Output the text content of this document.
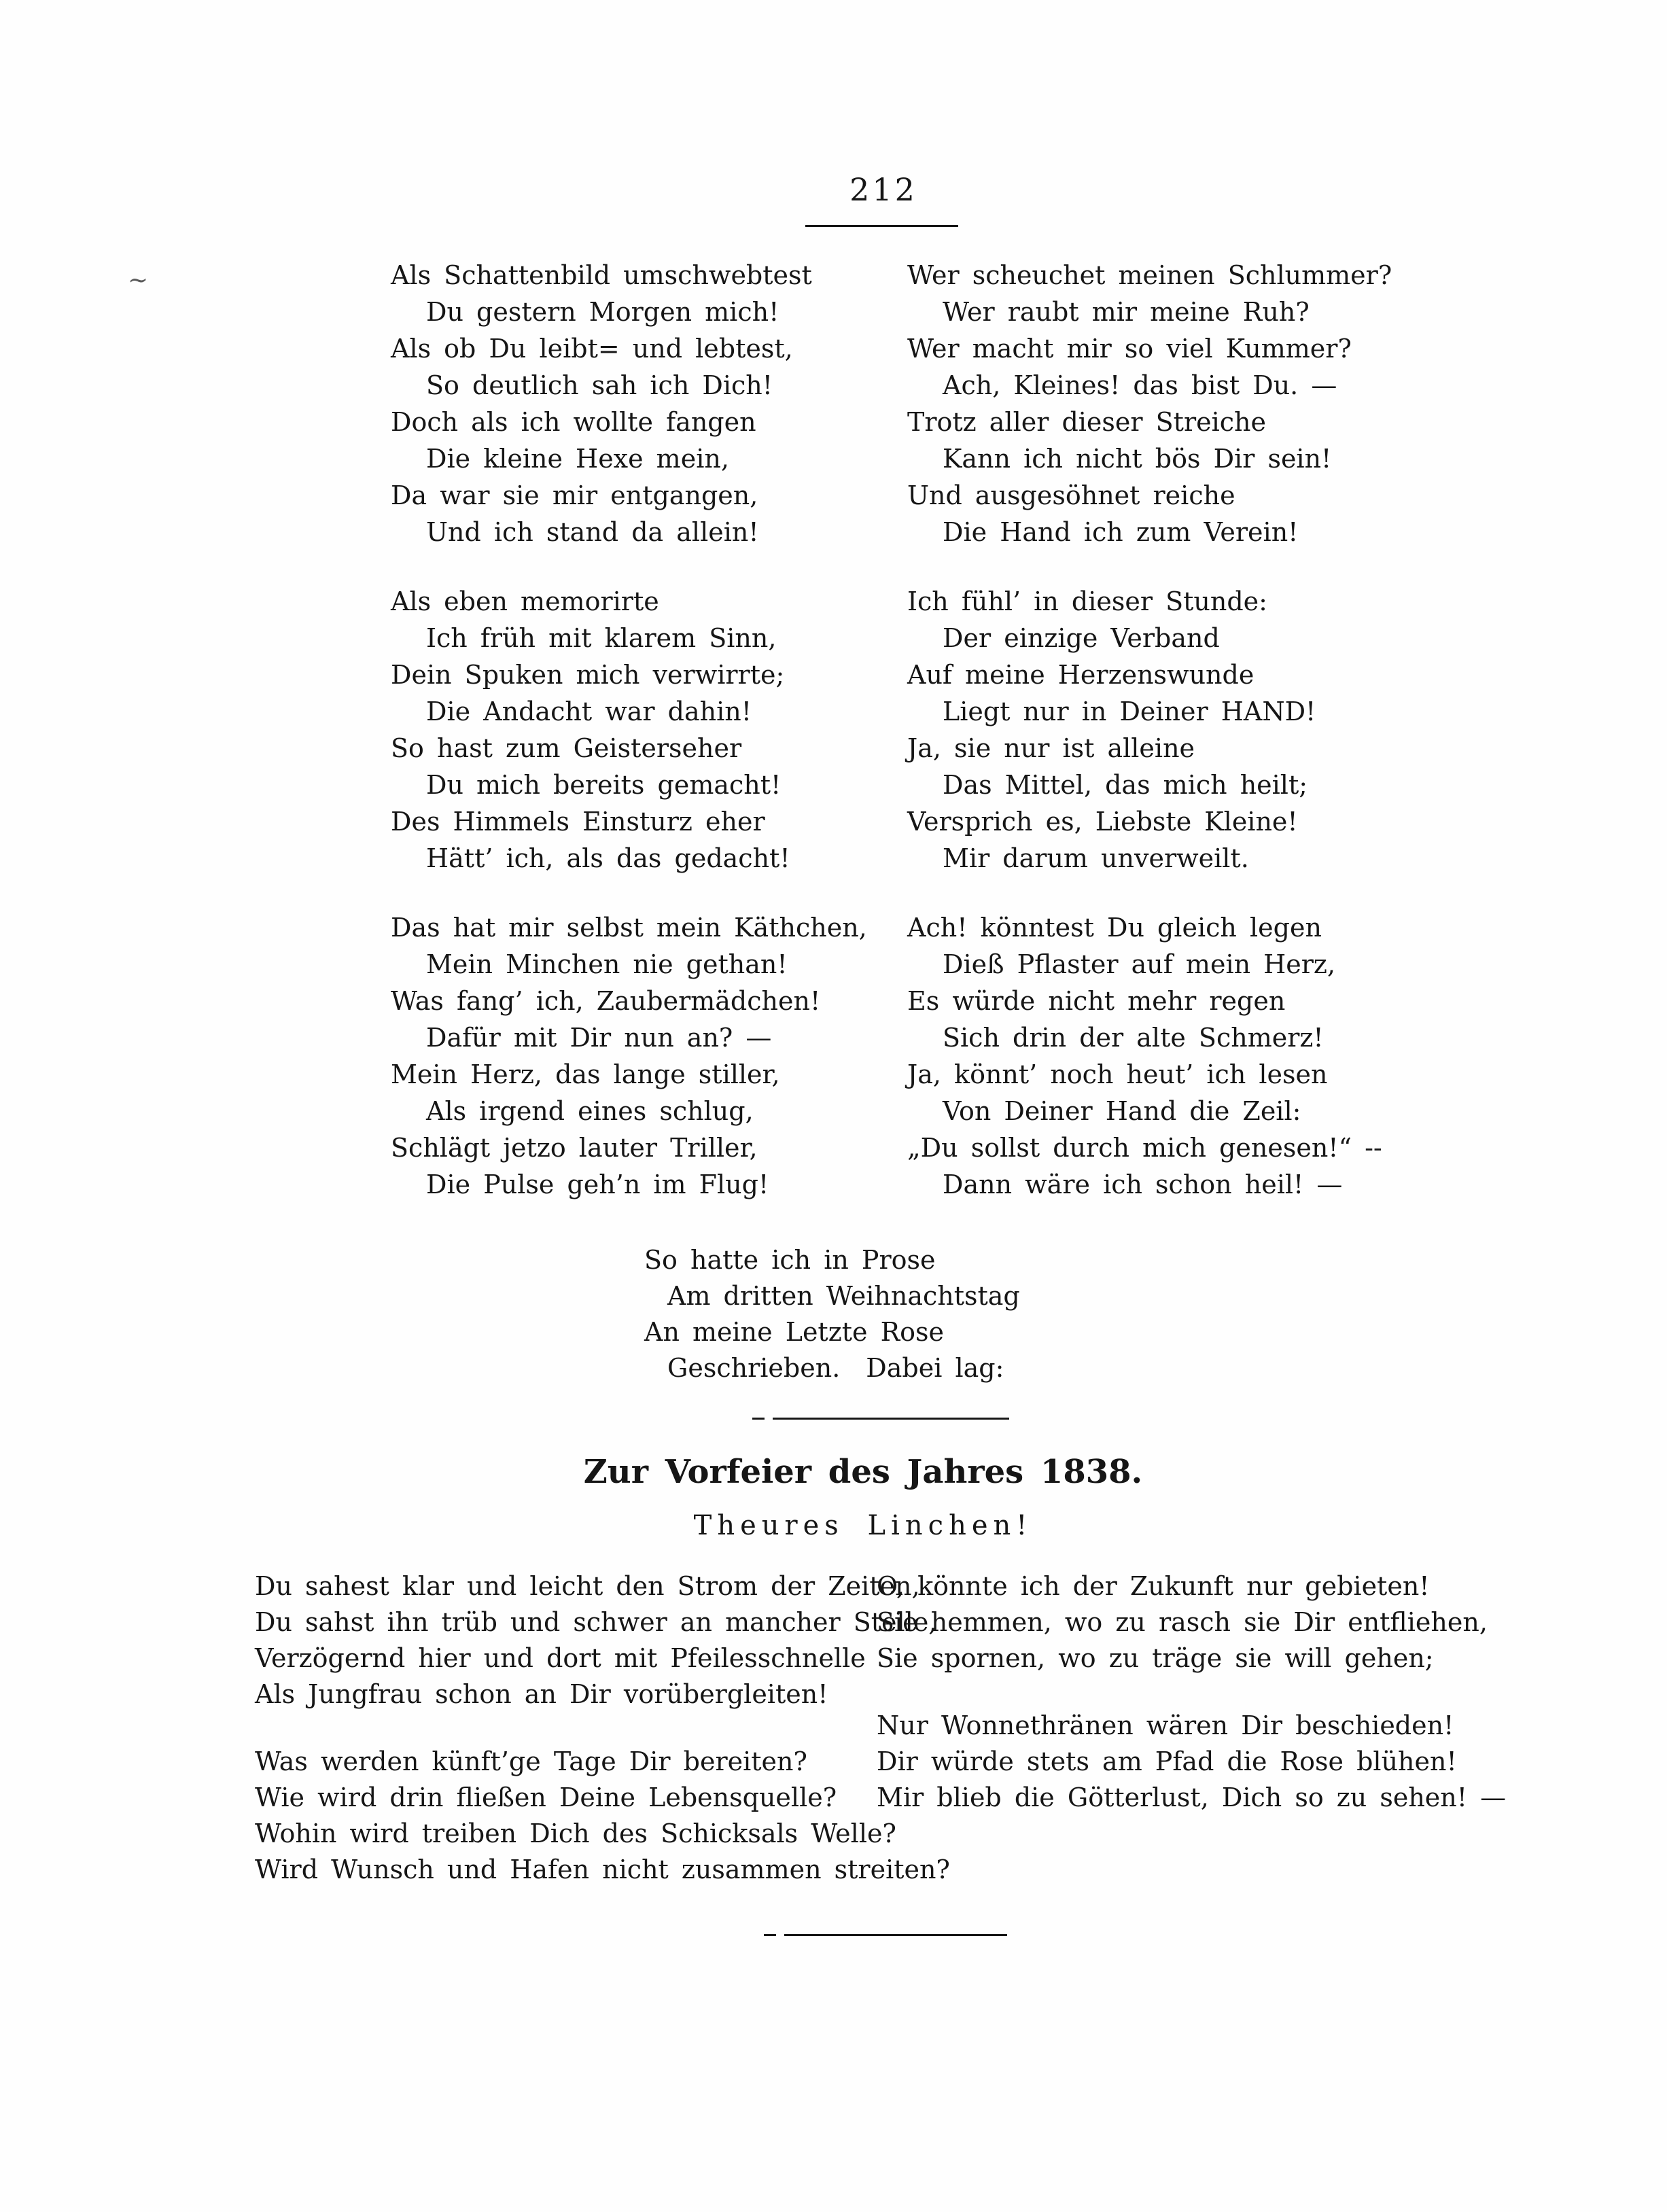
212
~	Als Schattenbild umschwebtest
Du gestern Morgen mich!
Als ob Du leibt= und lebtest,
So deutlich sah ich Dich!
Doch als ich wollte fangen
Die kleine Hexe mein,
Da war sie mir entgangen,
Und ich stand da allein!
Als eben memorirte
Ich früh mit klarem Sinn,
Dein Spuken mich verwirrte;
Die Andacht war dahin!
So hast zum Geisterseher
Du mich bereits gemacht!
Des Himmels Einsturz eher
Hätt’ ich, als das gedacht!
Das hat mir selbst mein Käthchen,
Mein Minchen nie gethan!
Was fang’ ich, Zaubermädchen!
Dafür mit Dir nun an? —
Mein Herz, das lange stiller,
Als irgend eines schlug,
Schlägt jetzo lauter Triller,
Die Pulse geh’n im Flug!
Wer scheuchet meinen Schlummer?
Wer raubt mir meine Ruh?
Wer macht mir so viel Kummer?
Ach, Kleines! das bist Du. —
Trotz aller dieser Streiche
Kann ich nicht bös Dir sein!
Und ausgesöhnet reiche
Die Hand ich zum Verein!
Ich fühl’ in dieser Stunde:
Der einzige Verband
Auf meine Herzenswunde
Liegt nur in Deiner HAND!
Ja, sie nur ist alleine
Das Mittel, das mich heilt;
Versprich es, Liebste Kleine!
Mir darum unverweilt.
Ach! könntest Du gleich legen
Dieß Pflaster auf mein Herz,
Es würde nicht mehr regen
Sich drin der alte Schmerz!
Ja, könnt’ noch heut’ ich lesen
Von Deiner Hand die Zeil:
„Du sollst durch mich genesen!“ --
Dann wäre ich schon heil! —
So hatte ich in Prose
Am dritten Weihnachtstag
An meine Letzte Rose
Geschrieben. Dabei lag:
Zur Vorfeier des Jahres 1838.
Theures Linchen!
Du sahest klar und leicht den Strom der Zeiten,
Du sahst ihn trüb und schwer an mancher Stelle,
Verzögernd hier und dort mit Pfeilesschnelle
Als Jungfrau schon an Dir vorübergleiten!
Was werden künft’ge Tage Dir bereiten?
Wie wird drin fließen Deine Lebensquelle?
Wohin wird treiben Dich des Schicksals Welle?
Wird Wunsch und Hafen nicht zusammen streiten?
O, könnte ich der Zukunft nur gebieten!
Sie hemmen, wo zu rasch sie Dir entfliehen,
Sie spornen, wo zu träge sie will gehen;
Nur Wonnethränen wären Dir beschieden!
Dir würde stets am Pfad die Rose blühen!
Mir blieb die Götterlust, Dich so zu sehen! —
